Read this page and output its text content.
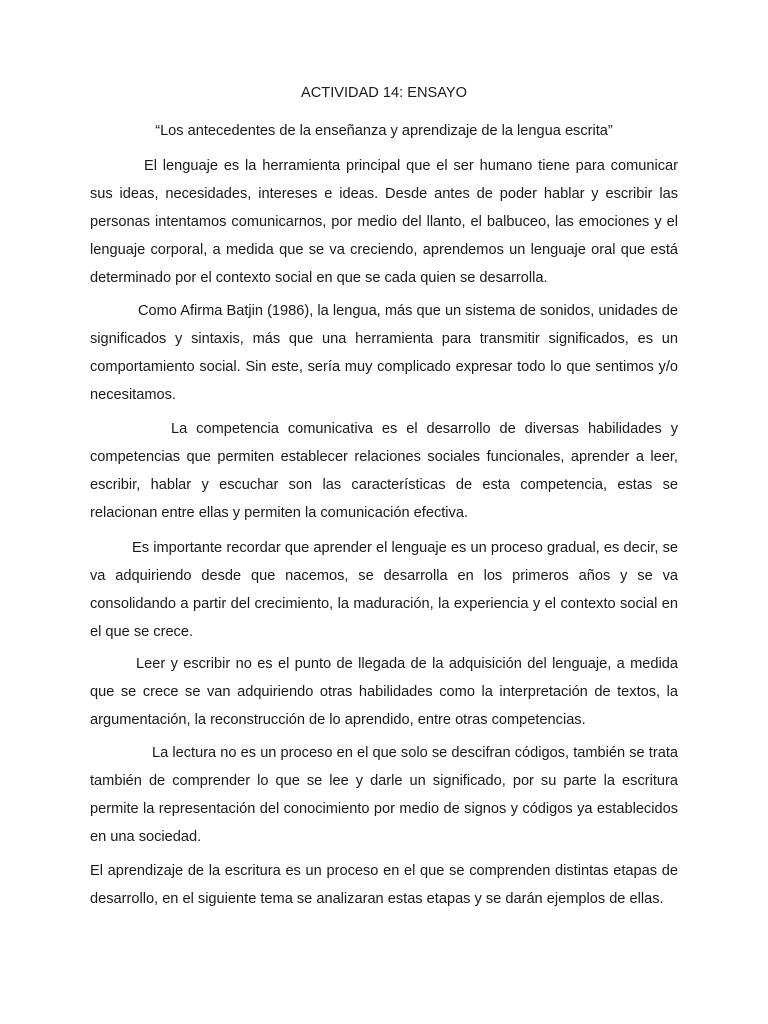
ACTIVIDAD 14: ENSAYO
“Los antecedentes de la enseñanza y aprendizaje de la lengua escrita”

El lenguaje es la herramienta principal que el ser humano tiene para comunicar sus ideas, necesidades, intereses e ideas. Desde antes de poder hablar y escribir las personas intentamos comunicarnos, por medio del llanto, el balbuceo, las emociones y el lenguaje corporal, a medida que se va creciendo, aprendemos un lenguaje oral que está determinado por el contexto social en que se cada quien se desarrolla.

Como Afirma Batjin (1986), la lengua, más que un sistema de sonidos, unidades de significados y sintaxis, más que una herramienta para transmitir significados, es un comportamiento social. Sin este, sería muy complicado expresar todo lo que sentimos y/o necesitamos.

La competencia comunicativa es el desarrollo de diversas habilidades y competencias que permiten establecer relaciones sociales funcionales, aprender a leer, escribir, hablar y escuchar son las características de esta competencia, estas se relacionan entre ellas y permiten la comunicación efectiva.

Es importante recordar que aprender el lenguaje es un proceso gradual, es decir, se va adquiriendo desde que nacemos, se desarrolla en los primeros años y se va consolidando a partir del crecimiento, la maduración, la experiencia y el contexto social en el que se crece.

Leer y escribir no es el punto de llegada de la adquisición del lenguaje, a medida que se crece se van adquiriendo otras habilidades como la interpretación de textos, la argumentación, la reconstrucción de lo aprendido, entre otras competencias.

La lectura no es un proceso en el que solo se descifran códigos, también se trata también de comprender lo que se lee y darle un significado, por su parte la escritura permite la representación del conocimiento por medio de signos y códigos ya establecidos en una sociedad.

El aprendizaje de la escritura es un proceso en el que se comprenden distintas etapas de desarrollo, en el siguiente tema se analizaran estas etapas y se darán ejemplos de ellas.
